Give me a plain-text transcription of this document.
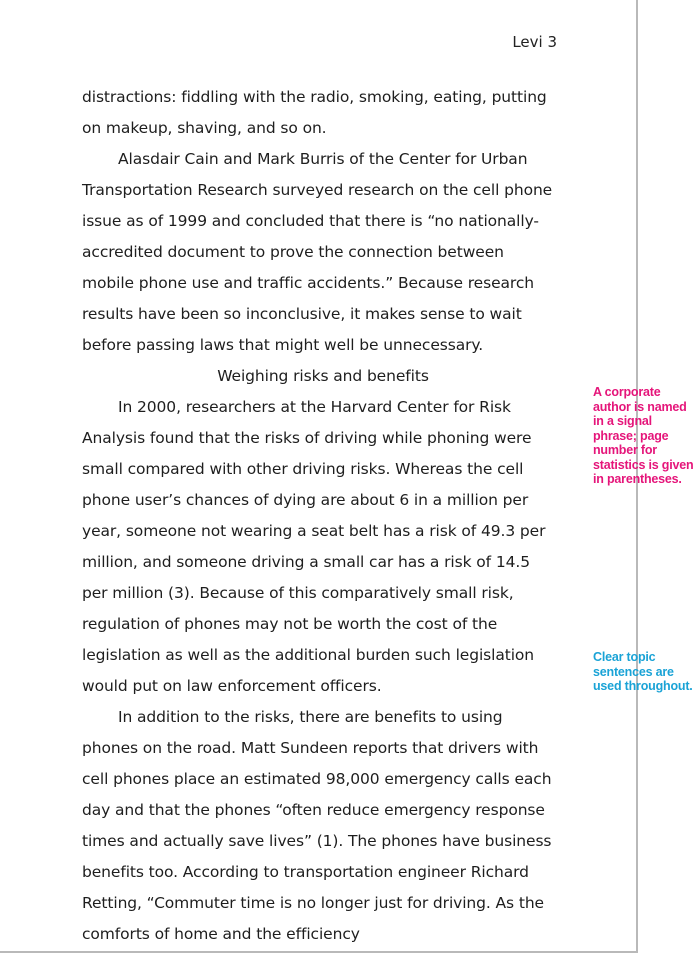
Levi 3

distractions: fiddling with the radio, smoking, eating, putting on makeup, shaving, and so on.

Alasdair Cain and Mark Burris of the Center for Urban Transportation Research surveyed research on the cell phone issue as of 1999 and concluded that there is “no nationally-accredited document to prove the connection between mobile phone use and traffic accidents.” Because research results have been so inconclusive, it makes sense to wait before passing laws that might well be unnecessary.

Weighing risks and benefits

In 2000, researchers at the Harvard Center for Risk Analysis found that the risks of driving while phoning were small compared with other driving risks. Whereas the cell phone user’s chances of dying are about 6 in a million per year, someone not wearing a seat belt has a risk of 49.3 per million, and someone driving a small car has a risk of 14.5 per million (3). Because of this comparatively small risk, regulation of phones may not be worth the cost of the legislation as well as the additional burden such legislation would put on law enforcement officers.

In addition to the risks, there are benefits to using phones on the road. Matt Sundeen reports that drivers with cell phones place an estimated 98,000 emergency calls each day and that the phones “often reduce emergency response times and actually save lives” (1). The phones have business benefits too. According to transportation engineer Richard Retting, “Commuter time is no longer just for driving. As the comforts of home and the efficiency

A corporate author is named in a signal phrase; page number for statistics is given in parentheses.
Clear topic sentences are used throughout.
